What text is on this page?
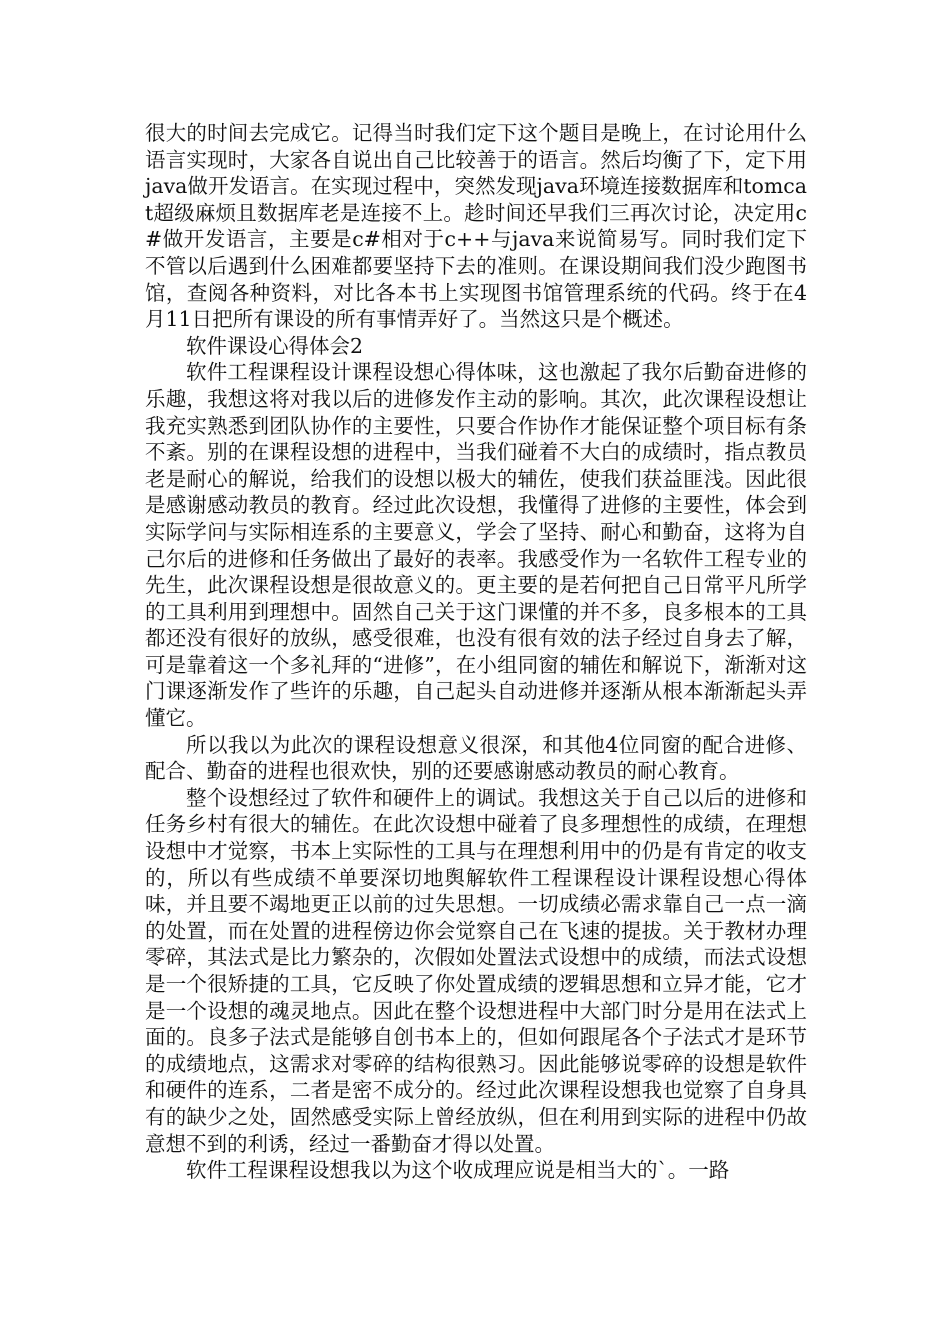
很大的时间去完成它。记得当时我们定下这个题目是晚上，在讨论用什么语言实现时，大家各自说出自己比较善于的语言。然后均衡了下，定下用java做开发语言。在实现过程中，突然发现java环境连接数据库和tomcat超级麻烦且数据库老是连接不上。趁时间还早我们三再次讨论，决定用c#做开发语言，主要是c#相对于c++与java来说简易写。同时我们定下不管以后遇到什么困难都要坚持下去的准则。在课设期间我们没少跑图书馆，查阅各种资料，对比各本书上实现图书馆管理系统的代码。终于在4月11日把所有课设的所有事情弄好了。当然这只是个概述。

软件课设心得体会2

软件工程课程设计课程设想心得体味，这也激起了我尔后勤奋进修的乐趣，我想这将对我以后的进修发作主动的影响。其次，此次课程设想让我充实熟悉到团队协作的主要性，只要合作协作才能保证整个项目标有条不紊。别的在课程设想的进程中，当我们碰着不大白的成绩时，指点教员老是耐心的解说，给我们的设想以极大的辅佐，使我们获益匪浅。因此很是感谢感动教员的教育。经过此次设想，我懂得了进修的主要性，体会到实际学问与实际相连系的主要意义，学会了坚持、耐心和勤奋，这将为自己尔后的进修和任务做出了最好的表率。我感受作为一名软件工程专业的先生，此次课程设想是很故意义的。更主要的是若何把自己日常平凡所学的工具利用到理想中。固然自己关于这门课懂的并不多，良多根本的工具都还没有很好的放纵，感受很难，也没有很有效的法子经过自身去了解，可是靠着这一个多礼拜的“进修”，在小组同窗的辅佐和解说下，渐渐对这门课逐渐发作了些许的乐趣，自己起头自动进修并逐渐从根本渐渐起头弄懂它。

所以我以为此次的课程设想意义很深，和其他4位同窗的配合进修、配合、勤奋的进程也很欢快，别的还要感谢感动教员的耐心教育。

整个设想经过了软件和硬件上的调试。我想这关于自己以后的进修和任务乡村有很大的辅佐。在此次设想中碰着了良多理想性的成绩，在理想设想中才觉察，书本上实际性的工具与在理想利用中的仍是有肯定的收支的，所以有些成绩不单要深切地舆解软件工程课程设计课程设想心得体味，并且要不竭地更正以前的过失思想。一切成绩必需求靠自己一点一滴的处置，而在处置的进程傍边你会觉察自己在飞速的提拔。关于教材办理零碎，其法式是比力繁杂的，次假如处置法式设想中的成绩，而法式设想是一个很矫捷的工具，它反映了你处置成绩的逻辑思想和立异才能，它才是一个设想的魂灵地点。因此在整个设想进程中大部门时分是用在法式上面的。良多子法式是能够自创书本上的，但如何跟尾各个子法式才是环节的成绩地点，这需求对零碎的结构很熟习。因此能够说零碎的设想是软件和硬件的连系，二者是密不成分的。经过此次课程设想我也觉察了自身具有的缺少之处，固然感受实际上曾经放纵，但在利用到实际的进程中仍故意想不到的利诱，经过一番勤奋才得以处置。

软件工程课程设想我以为这个收成理应说是相当大的`。一路
